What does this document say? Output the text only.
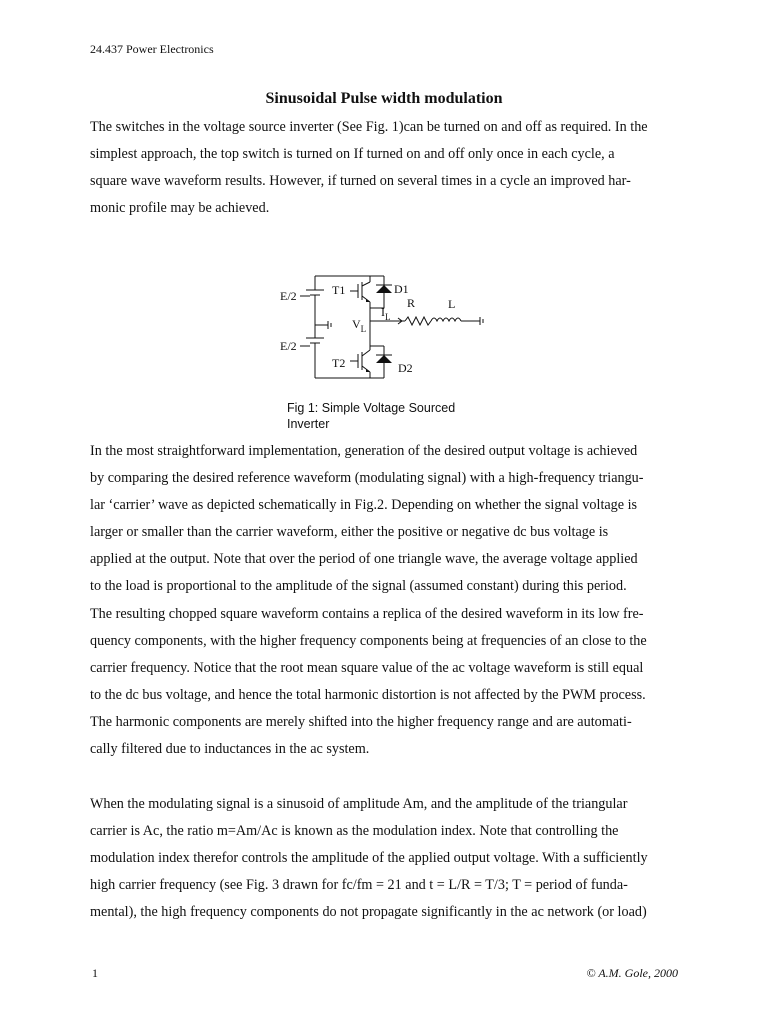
24.437 Power Electronics
Sinusoidal Pulse width modulation
The switches in the voltage source inverter (See Fig. 1)can be turned on and off as required. In the
simplest approach, the top switch is turned on If turned on and off only once in each cycle, a
square wave waveform results. However, if turned on several times in a cycle an improved har-
monic profile may be achieved.
E/2
E/2
T1
T2
D1
D2
R	L
$I_L$
$V_L$
Fig 1: Simple Voltage Sourced
Inverter
In the most straightforward implementation, generation of the desired output voltage is achieved
by comparing the desired reference waveform (modulating signal) with a high-frequency triangu-
lar ‘carrier’ wave as depicted schematically in Fig.2. Depending on whether the signal voltage is
larger or smaller than the carrier waveform, either the positive or negative dc bus voltage is
applied at the output. Note that over the period of one triangle wave, the average voltage applied
to the load is proportional to the amplitude of the signal (assumed constant) during this period.
The resulting chopped square waveform contains a replica of the desired waveform in its low fre-
quency components, with the higher frequency components being at frequencies of an close to the
carrier frequency. Notice that the root mean square value of the ac voltage waveform is still equal
to the dc bus voltage, and hence the total harmonic distortion is not affected by the PWM process.
The harmonic components are merely shifted into the higher frequency range and are automati-
cally filtered due to inductances in the ac system.
When the modulating signal is a sinusoid of amplitude Am, and the amplitude of the triangular
carrier is Ac, the ratio m=Am/Ac is known as the modulation index. Note that controlling the
modulation index therefor controls the amplitude of the applied output voltage. With a sufficiently
high carrier frequency (see Fig. 3 drawn for fc/fm = 21 and t = L/R = T/3; T = period of funda-
mental), the high frequency components do not propagate significantly in the ac network (or load)
1	© A.M. Gole, 2000
